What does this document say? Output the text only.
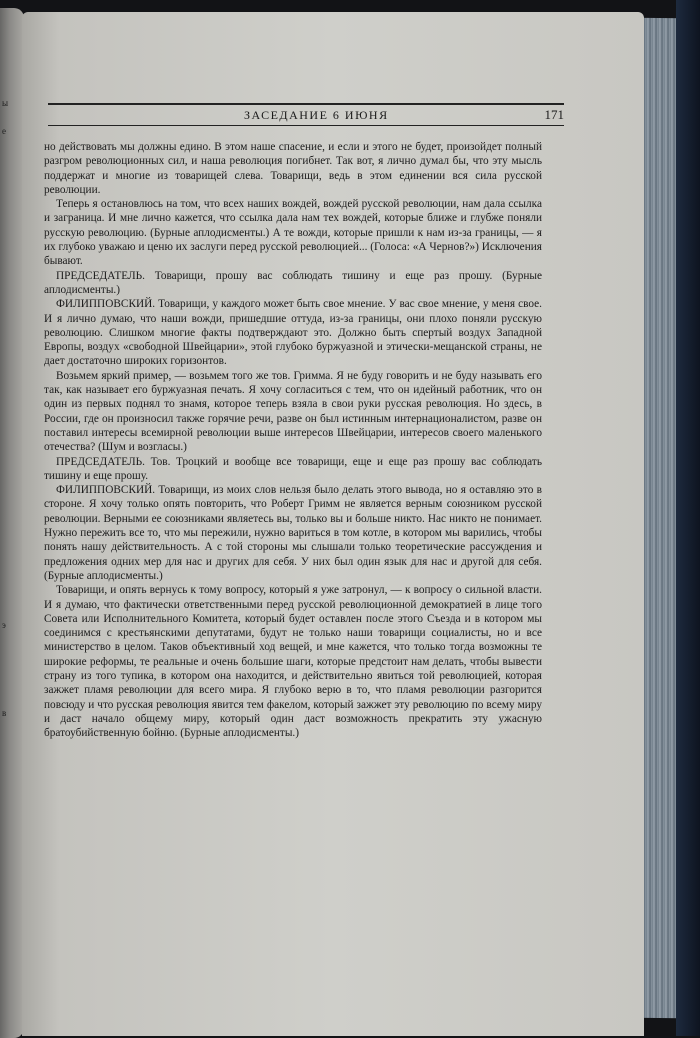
ы
е
э
в
ЗАСЕДАНИЕ 6 ИЮНЯ	171

но действовать мы должны едино. В этом наше спасение, и если и этого не будет, произойдет полный разгром революционных сил, и наша революция погибнет. Так вот, я лично думал бы, что эту мысль поддержат и многие из товарищей слева. Товарищи, ведь в этом единении вся сила русской революции.

Теперь я остановлюсь на том, что всех наших вождей, вождей русской революции, нам дала ссылка и заграница. И мне лично кажется, что ссылка дала нам тех вождей, которые ближе и глубже поняли русскую революцию. (Бурные аплодисменты.) А те вожди, которые пришли к нам из-за границы, — я их глубоко уважаю и ценю их заслуги перед русской революцией... (Голоса: «А Чернов?») Исключения бывают.

ПРЕДСЕДАТЕЛЬ. Товарищи, прошу вас соблюдать тишину и еще раз прошу. (Бурные аплодисменты.)

ФИЛИППОВСКИЙ. Товарищи, у каждого может быть свое мнение. У вас свое мнение, у меня свое. И я лично думаю, что наши вожди, пришедшие оттуда, из-за границы, они плохо поняли русскую революцию. Слишком многие факты подтверждают это. Должно быть спертый воздух Западной Европы, воздух «свободной Швейцарии», этой глубоко буржуазной и этически-мещанской страны, не дает достаточно широких горизонтов.

Возьмем яркий пример, — возьмем того же тов. Гримма. Я не буду говорить и не буду называть его так, как называет его буржуазная печать. Я хочу согласиться с тем, что он идейный работник, что он один из первых поднял то знамя, которое теперь взяла в свои руки русская революция. Но здесь, в России, где он произносил также горячие речи, разве он был истинным интернационалистом, разве он поставил интересы всемирной революции выше интересов Швейцарии, интересов своего маленького отечества? (Шум и возгласы.)

ПРЕДСЕДАТЕЛЬ. Тов. Троцкий и вообще все товарищи, еще и еще раз прошу вас соблюдать тишину и еще прошу.

ФИЛИППОВСКИЙ. Товарищи, из моих слов нельзя было делать этого вывода, но я оставляю это в стороне. Я хочу только опять повторить, что Роберт Гримм не является верным союзником русской революции. Верными ее союзниками являетесь вы, только вы и больше никто. Нас никто не понимает. Нужно пережить все то, что мы пережили, нужно вариться в том котле, в котором мы варились, чтобы понять нашу действительность. А с той стороны мы слышали только теоретические рассуждения и предложения одних мер для нас и других для себя. У них был один язык для нас и другой для себя. (Бурные аплодисменты.)

Товарищи, и опять вернусь к тому вопросу, который я уже затронул, — к вопросу о сильной власти. И я думаю, что фактически ответственными перед русской революционной демократией в лице того Совета или Исполнительного Комитета, который будет оставлен после этого Съезда и в котором мы соединимся с крестьянскими депутатами, будут не только наши товарищи социалисты, но и все министерство в целом. Таков объективный ход вещей, и мне кажется, что только тогда возможны те широкие реформы, те реальные и очень большие шаги, которые предстоит нам делать, чтобы вывести страну из того тупика, в котором она находится, и действительно явиться той революцией, которая зажжет пламя революции для всего мира. Я глубоко верю в то, что пламя революции разгорится повсюду и что русская революция явится тем факелом, который зажжет эту революцию по всему миру и даст начало общему миру, который один даст возможность прекратить эту ужасную братоубийственную бойню. (Бурные аплодисменты.)
